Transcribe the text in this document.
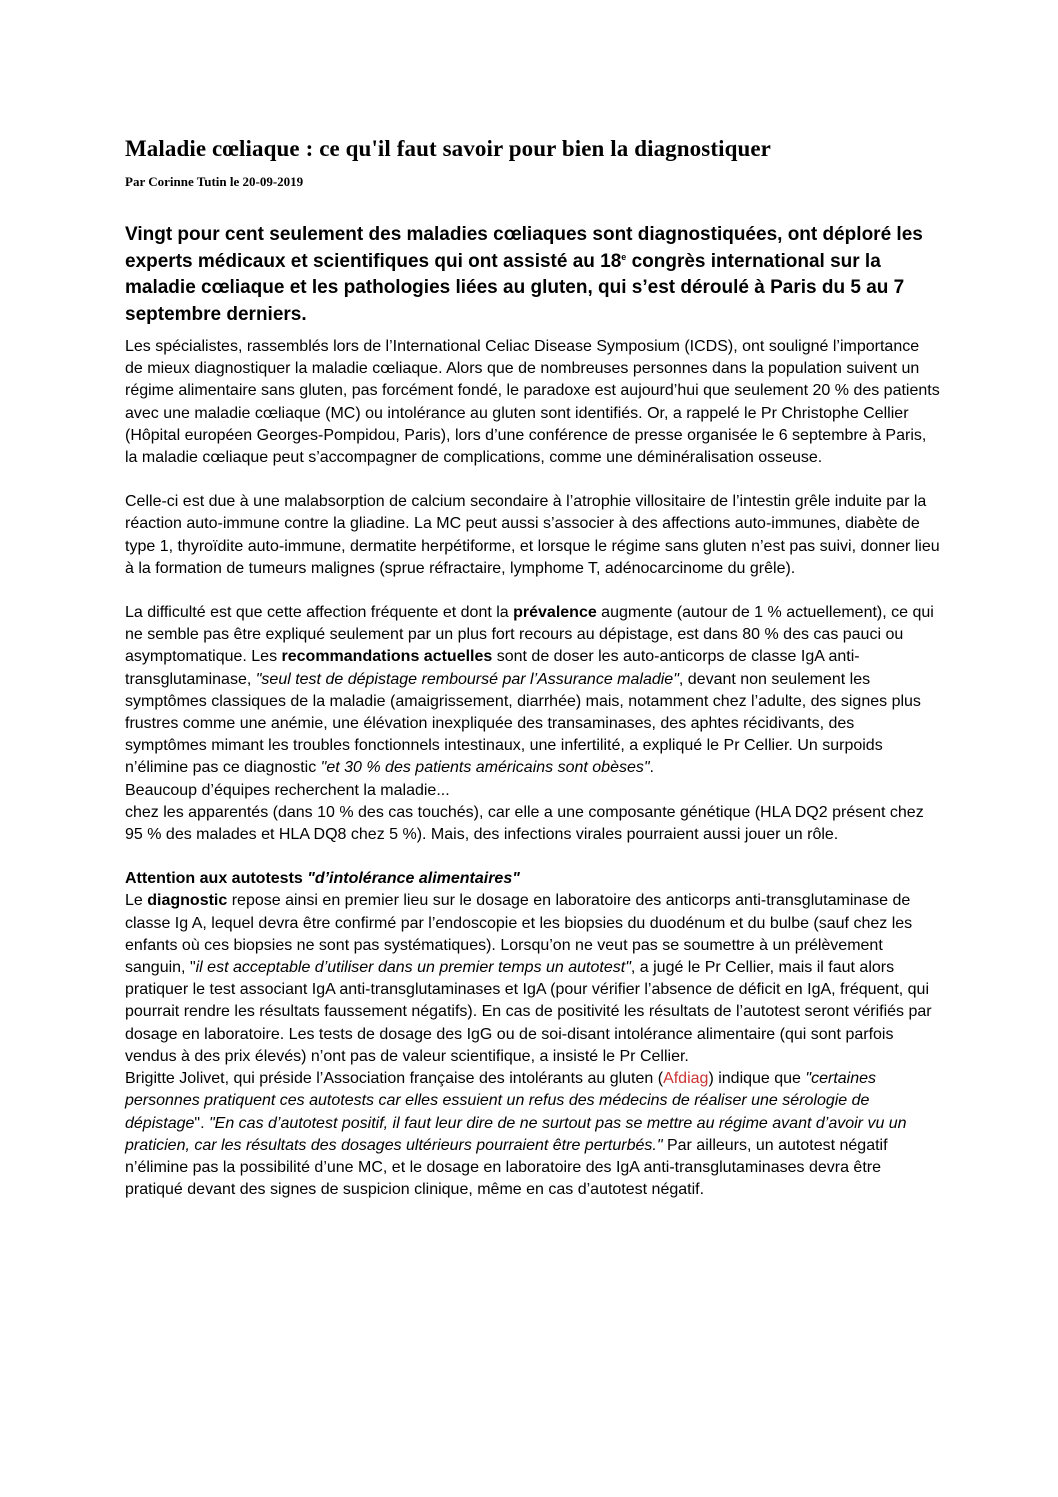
Maladie cœliaque : ce qu'il faut savoir pour bien la diagnostiquer

Par Corinne Tutin le 20-09-2019

Vingt pour cent seulement des maladies cœliaques sont diagnostiquées, ont déploré les experts médicaux et scientifiques qui ont assisté au 18e congrès international sur la maladie cœliaque et les pathologies liées au gluten, qui s’est déroulé à Paris du 5 au 7 septembre derniers.

Les spécialistes, rassemblés lors de l’International Celiac Disease Symposium (ICDS), ont souligné l’importance de mieux diagnostiquer la maladie cœliaque. Alors que de nombreuses personnes dans la population suivent un régime alimentaire sans gluten, pas forcément fondé, le paradoxe est aujourd’hui que seulement 20 % des patients avec une maladie cœliaque (MC) ou intolérance au gluten sont identifiés. Or, a rappelé le Pr Christophe Cellier (Hôpital européen Georges-Pompidou, Paris), lors d’une conférence de presse organisée le 6 septembre à Paris, la maladie cœliaque peut s’accompagner de complications, comme une déminéralisation osseuse.

Celle-ci est due à une malabsorption de calcium secondaire à l’atrophie villositaire de l’intestin grêle induite par la réaction auto-immune contre la gliadine. La MC peut aussi s’associer à des affections auto-immunes, diabète de type 1, thyroïdite auto-immune, dermatite herpétiforme, et lorsque le régime sans gluten n’est pas suivi, donner lieu à la formation de tumeurs malignes (sprue réfractaire, lymphome T, adénocarcinome du grêle).

La difficulté est que cette affection fréquente et dont la prévalence augmente (autour de 1 % actuellement), ce qui ne semble pas être expliqué seulement par un plus fort recours au dépistage, est dans 80 % des cas pauci ou asymptomatique. Les recommandations actuelles sont de doser les auto-anticorps de classe IgA anti-transglutaminase, "seul test de dépistage remboursé par l’Assurance maladie", devant non seulement les symptômes classiques de la maladie (amaigrissement, diarrhée) mais, notamment chez l’adulte, des signes plus frustres comme une anémie, une élévation inexpliquée des transaminases, des aphtes récidivants, des symptômes mimant les troubles fonctionnels intestinaux, une infertilité, a expliqué le Pr Cellier. Un surpoids n’élimine pas ce diagnostic "et 30 % des patients américains sont obèses".

Beaucoup d’équipes recherchent la maladie...

chez les apparentés (dans 10 % des cas touchés), car elle a une composante génétique (HLA DQ2 présent chez 95 % des malades et HLA DQ8 chez 5 %). Mais, des infections virales pourraient aussi jouer un rôle.

Attention aux autotests "d’intolérance alimentaires"

Le diagnostic repose ainsi en premier lieu sur le dosage en laboratoire des anticorps anti-transglutaminase de classe Ig A, lequel devra être confirmé par l’endoscopie et les biopsies du duodénum et du bulbe (sauf chez les enfants où ces biopsies ne sont pas systématiques). Lorsqu’on ne veut pas se soumettre à un prélèvement sanguin, "il est acceptable d’utiliser dans un premier temps un autotest", a jugé le Pr Cellier, mais il faut alors pratiquer le test associant IgA anti-transglutaminases et IgA (pour vérifier l’absence de déficit en IgA, fréquent, qui pourrait rendre les résultats faussement négatifs). En cas de positivité les résultats de l’autotest seront vérifiés par dosage en laboratoire. Les tests de dosage des IgG ou de soi-disant intolérance alimentaire (qui sont parfois vendus à des prix élevés) n’ont pas de valeur scientifique, a insisté le Pr Cellier.

Brigitte Jolivet, qui préside l’Association française des intolérants au gluten (Afdiag) indique que "certaines personnes pratiquent ces autotests car elles essuient un refus des médecins de réaliser une sérologie de dépistage". "En cas d’autotest positif, il faut leur dire de ne surtout pas se mettre au régime avant d’avoir vu un praticien, car les résultats des dosages ultérieurs pourraient être perturbés." Par ailleurs, un autotest négatif n’élimine pas la possibilité d’une MC, et le dosage en laboratoire des IgA anti-transglutaminases devra être pratiqué devant des signes de suspicion clinique, même en cas d’autotest négatif.
